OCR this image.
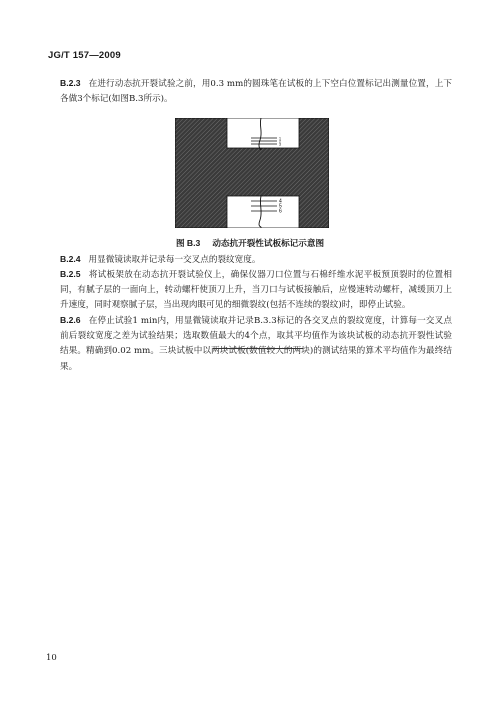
JG/T 157—2009
B.2.3 在进行动态抗开裂试验之前，用0.3 mm的圆珠笔在试板的上下空白位置标记出测量位置，上下各做3个标记(如图B.3所示)。
1
2
3
4
5
6
图 B.3 动态抗开裂性试板标记示意图
B.2.4 用显微镜读取并记录每一交叉点的裂纹宽度。
B.2.5 将试板架放在动态抗开裂试验仪上，确保仪器刀口位置与石棉纤维水泥平板预顶裂时的位置相同，有腻子层的一面向上，转动螺杆使顶刀上升，当刀口与试板接触后，应慢速转动螺杆，减缓顶刀上升速度，同时观察腻子层，当出现肉眼可见的细微裂纹(包括不连续的裂纹)时，即停止试验。
B.2.6 在停止试验1 min内，用显微镜读取并记录B.3.3标记的各交叉点的裂纹宽度，计算每一交叉点前后裂纹宽度之差为试验结果；选取数值最大的4个点，取其平均值作为该块试板的动态抗开裂性试验结果。精确到0.02 mm。三块试板中以两块试板(数值较大的两块)的测试结果的算术平均值作为最终结果。
10
